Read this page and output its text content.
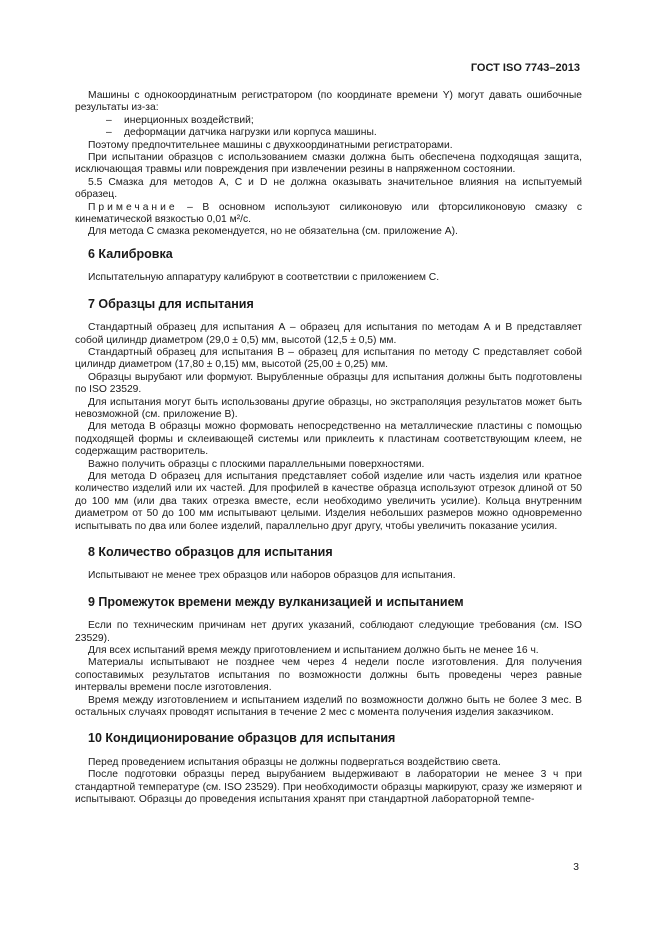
ГОСТ ISO 7743–2013

Машины с однокоординатным регистратором (по координате времени Y) могут давать ошибочные результаты из-за:

– инерционных воздействий;
– деформации датчика нагрузки или корпуса машины.

Поэтому предпочтительнее машины с двухкоординатными регистраторами.

При испытании образцов с использованием смазки должна быть обеспечена подходящая защита, исключающая травмы или повреждения при извлечении резины в напряженном состоянии.

5.5 Смазка для методов А, С и D не должна оказывать значительное влияния на испытуемый образец.

Примечание – В основном используют силиконовую или фторсиликоновую смазку с кинематической вязкостью 0,01 м²/с.

Для метода С смазка рекомендуется, но не обязательна (см. приложение А).

6 Калибровка

Испытательную аппаратуру калибруют в соответствии с приложением С.

7 Образцы для испытания

Стандартный образец для испытания А – образец для испытания по методам А и В представляет собой цилиндр диаметром (29,0 ± 0,5) мм, высотой (12,5 ± 0,5) мм.

Стандартный образец для испытания В – образец для испытания по методу С представляет собой цилиндр диаметром (17,80 ± 0,15) мм, высотой (25,00 ± 0,25) мм.

Образцы вырубают или формуют. Вырубленные образцы для испытания должны быть подготовлены по ISO 23529.

Для испытания могут быть использованы другие образцы, но экстраполяция результатов может быть невозможной (см. приложение В).

Для метода В образцы можно формовать непосредственно на металлические пластины с помощью подходящей формы и склеивающей системы или приклеить к пластинам соответствующим клеем, не содержащим растворитель.

Важно получить образцы с плоскими параллельными поверхностями.

Для метода D образец для испытания представляет собой изделие или часть изделия или кратное количество изделий или их частей. Для профилей в качестве образца используют отрезок длиной от 50 до 100 мм (или два таких отрезка вместе, если необходимо увеличить усилие). Кольца внутренним диаметром от 50 до 100 мм испытывают целыми. Изделия небольших размеров можно одновременно испытывать по два или более изделий, параллельно друг другу, чтобы увеличить показание усилия.

8 Количество образцов для испытания

Испытывают не менее трех образцов или наборов образцов для испытания.

9 Промежуток времени между вулканизацией и испытанием

Если по техническим причинам нет других указаний, соблюдают следующие требования (см. ISO 23529).

Для всех испытаний время между приготовлением и испытанием должно быть не менее 16 ч.

Материалы испытывают не позднее чем через 4 недели после изготовления. Для получения сопоставимых результатов испытания по возможности должны быть проведены через равные интервалы времени после изготовления.

Время между изготовлением и испытанием изделий по возможности должно быть не более 3 мес. В остальных случаях проводят испытания в течение 2 мес с момента получения изделия заказчиком.

10 Кондиционирование образцов для испытания

Перед проведением испытания образцы не должны подвергаться воздействию света.

После подготовки образцы перед вырубанием выдерживают в лаборатории не менее 3 ч при стандартной температуре (см. ISO 23529). При необходимости образцы маркируют, сразу же измеряют и испытывают. Образцы до проведения испытания хранят при стандартной лабораторной темпе-

3
